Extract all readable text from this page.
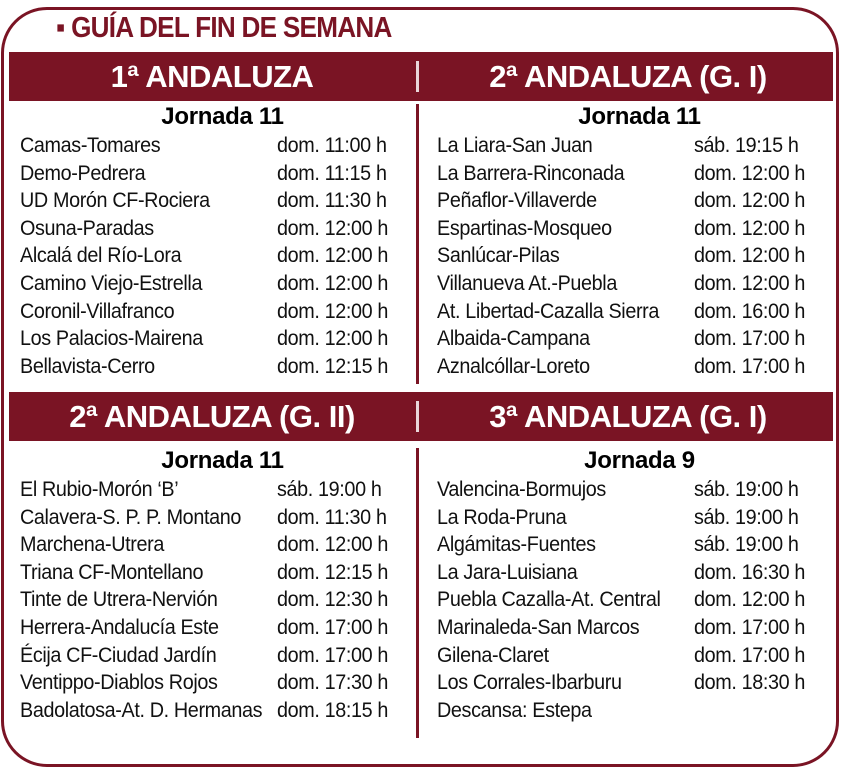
▪ GUÍA DEL FIN DE SEMANA
1ª ANDALUZA	2ª ANDALUZA (G. I)
2ª ANDALUZA (G. II)	3ª ANDALUZA (G. I)
Jornada 11
Camas-Tomares	dom. 11:00 h
Demo-Pedrera	dom. 11:15 h
UD Morón CF-Rociera	dom. 11:30 h
Osuna-Paradas	dom. 12:00 h
Alcalá del Río-Lora	dom. 12:00 h
Camino Viejo-Estrella	dom. 12:00 h
Coronil-Villafranco	dom. 12:00 h
Los Palacios-Mairena	dom. 12:00 h
Bellavista-Cerro	dom. 12:15 h
Jornada 11
La Liara-San Juan	sáb. 19:15 h
La Barrera-Rinconada	dom. 12:00 h
Peñaflor-Villaverde	dom. 12:00 h
Espartinas-Mosqueo	dom. 12:00 h
Sanlúcar-Pilas	dom. 12:00 h
Villanueva At.-Puebla	dom. 12:00 h
At. Libertad-Cazalla Sierra dom. 16:00 h
Albaida-Campana	dom. 17:00 h
Aznalcóllar-Loreto	dom. 17:00 h
Jornada 11
El Rubio-Morón ‘B’	sáb. 19:00 h
Calavera-S. P. P. Montano dom. 11:30 h
Marchena-Utrera	dom. 12:00 h
Triana CF-Montellano	dom. 12:15 h
Tinte de Utrera-Nervión	dom. 12:30 h
Herrera-Andalucía Este	dom. 17:00 h
Écija CF-Ciudad Jardín	dom. 17:00 h
Ventippo-Diablos Rojos	dom. 17:30 h
Badolatosa-At. D. Hermanas dom. 18:15 h
Jornada 9
Valencina-Bormujos	sáb. 19:00 h
La Roda-Pruna	sáb. 19:00 h
Algámitas-Fuentes	sáb. 19:00 h
La Jara-Luisiana	dom. 16:30 h
Puebla Cazalla-At. Central dom. 12:00 h
Marinaleda-San Marcos	dom. 17:00 h
Gilena-Claret	dom. 17:00 h
Los Corrales-Ibarburu	dom. 18:30 h
Descansa: Estepa
